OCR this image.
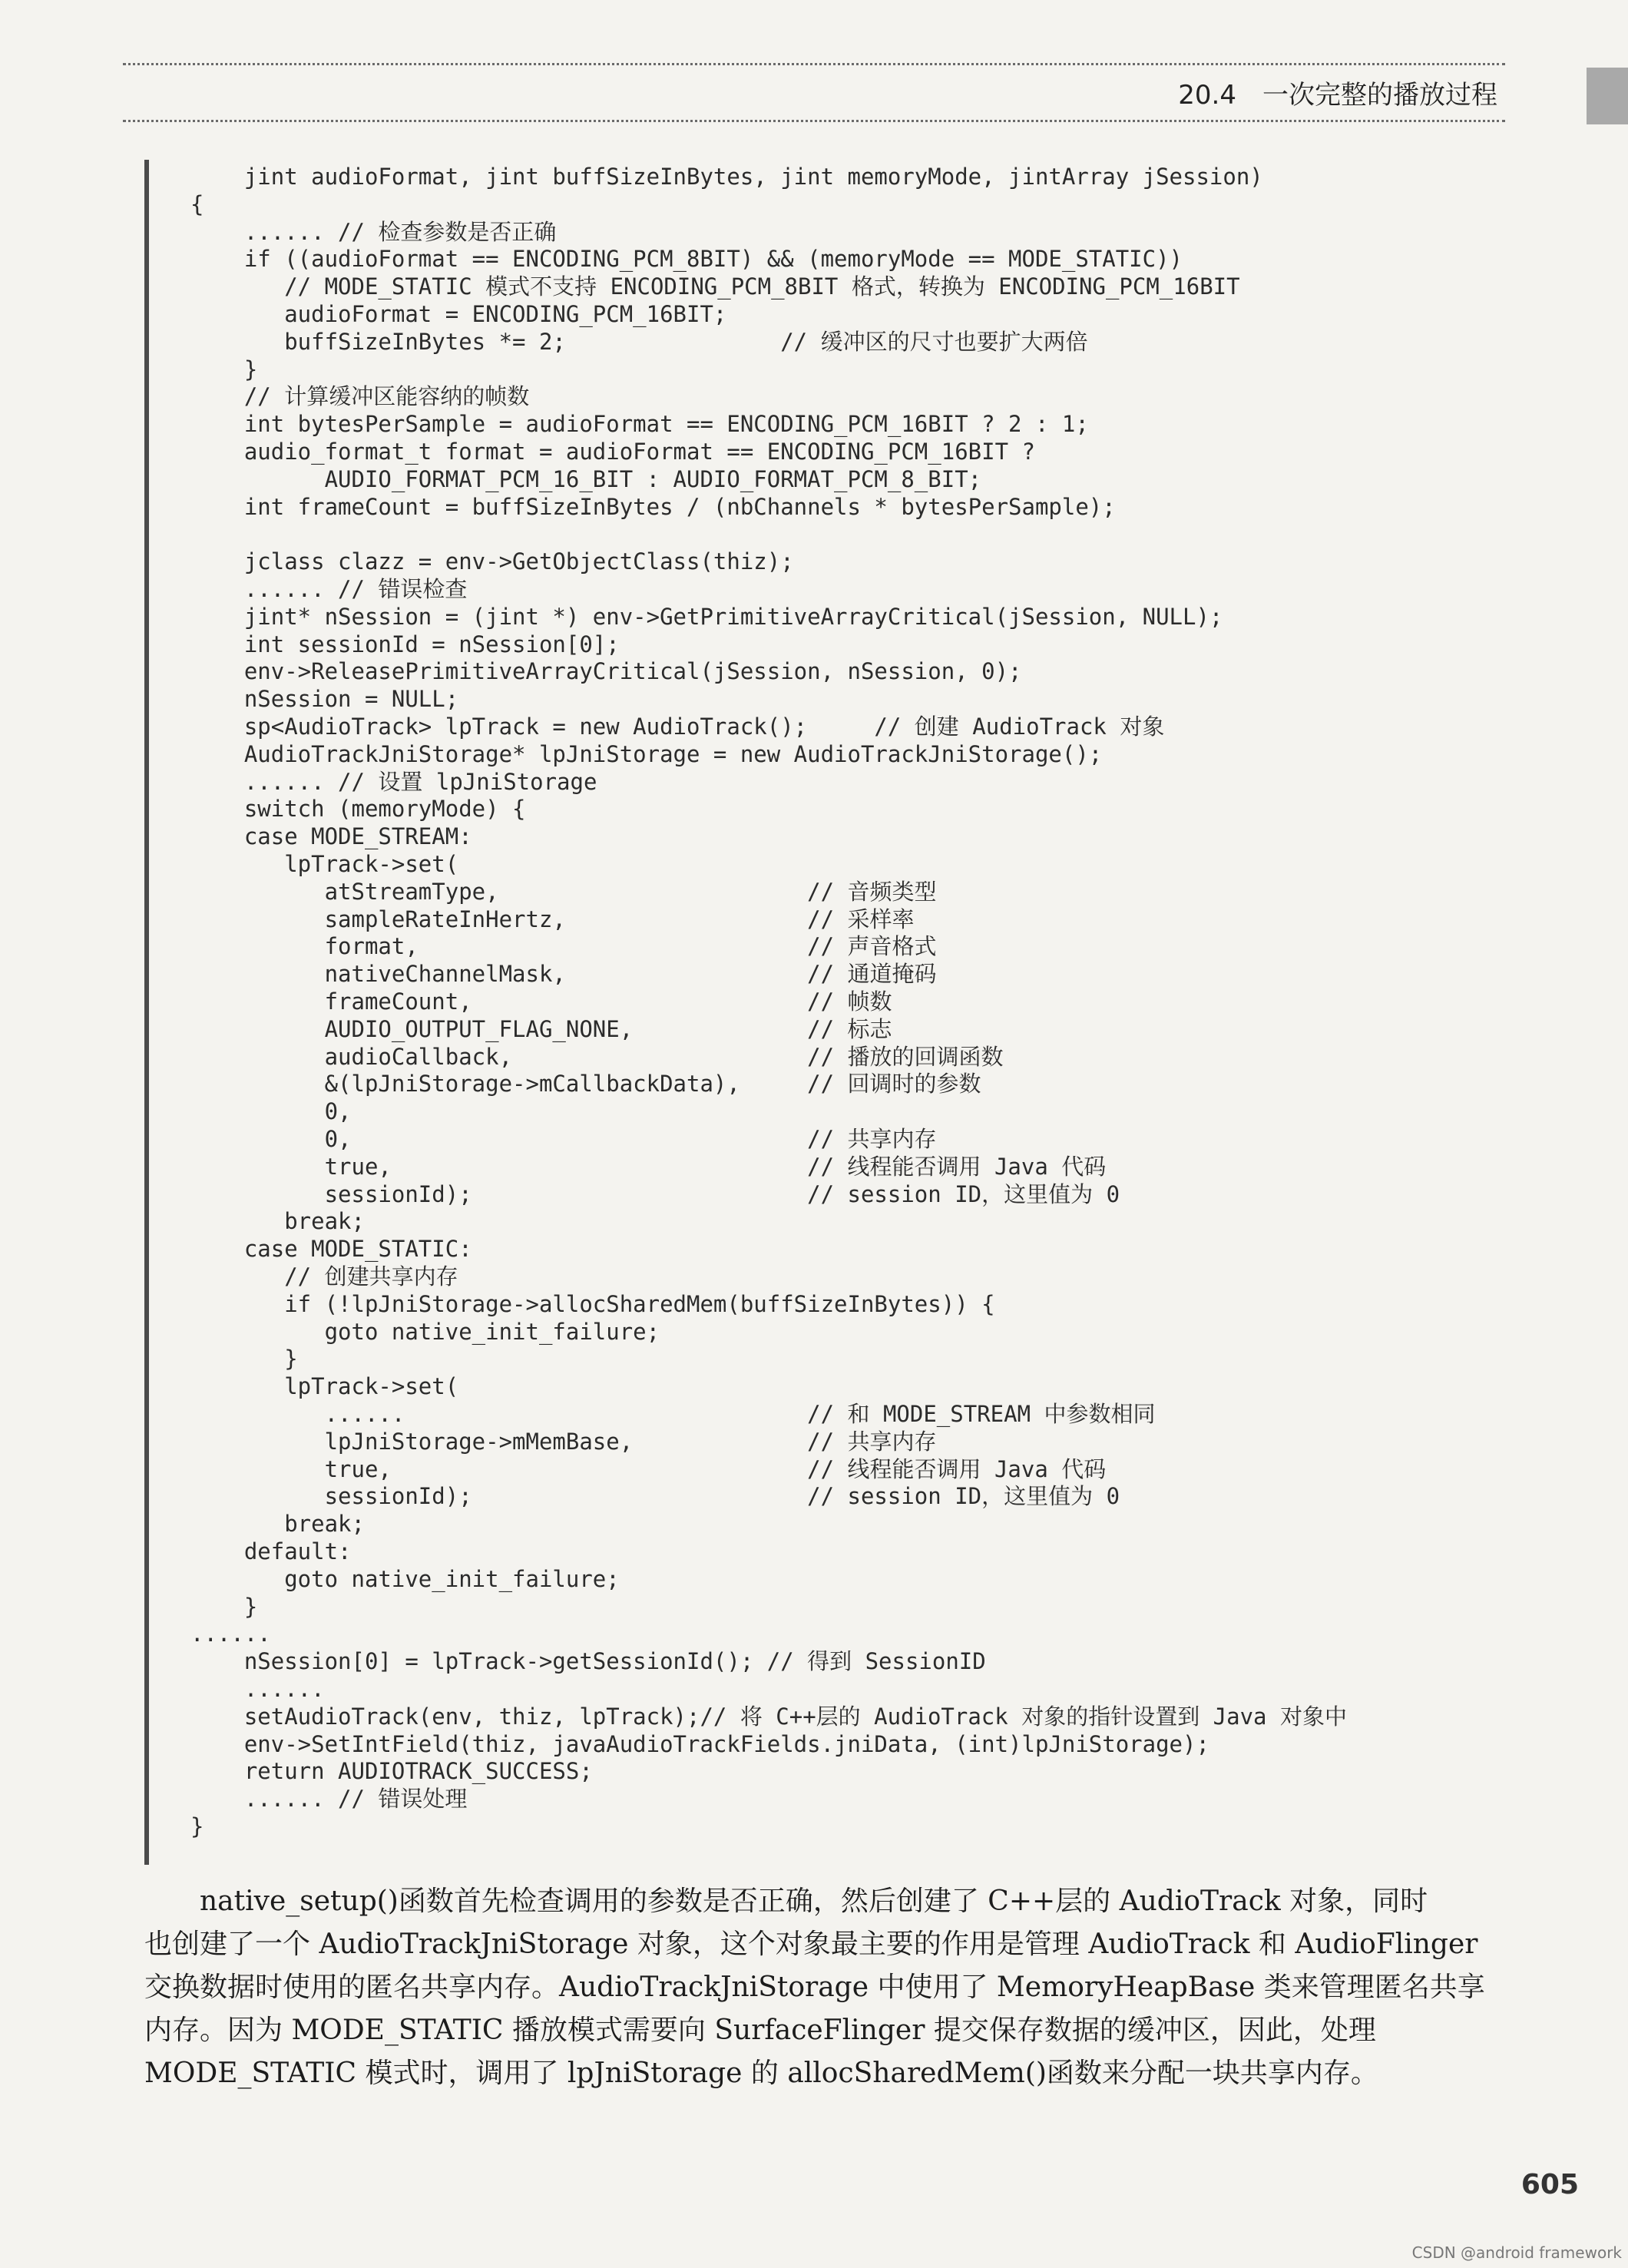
20.4　一次完整的播放过程
jint audioFormat, jint buffSizeInBytes, jint memoryMode, jintArray jSession)
{
...... // 检查参数是否正确
if ((audioFormat == ENCODING_PCM_8BIT) && (memoryMode == MODE_STATIC))
// MODE_STATIC 模式不支持 ENCODING_PCM_8BIT 格式，转换为 ENCODING_PCM_16BIT
audioFormat = ENCODING_PCM_16BIT;
buffSizeInBytes *= 2;                // 缓冲区的尺寸也要扩大两倍
}
// 计算缓冲区能容纳的帧数
int bytesPerSample = audioFormat == ENCODING_PCM_16BIT ? 2 : 1;
audio_format_t format = audioFormat == ENCODING_PCM_16BIT ?
AUDIO_FORMAT_PCM_16_BIT : AUDIO_FORMAT_PCM_8_BIT;
int frameCount = buffSizeInBytes / (nbChannels * bytesPerSample);
jclass clazz = env->GetObjectClass(thiz);
...... // 错误检查
jint* nSession = (jint *) env->GetPrimitiveArrayCritical(jSession, NULL);
int sessionId = nSession[0];
env->ReleasePrimitiveArrayCritical(jSession, nSession, 0);
nSession = NULL;
sp<AudioTrack> lpTrack = new AudioTrack();     // 创建 AudioTrack 对象
AudioTrackJniStorage* lpJniStorage = new AudioTrackJniStorage();
...... // 设置 lpJniStorage
switch (memoryMode) {
case MODE_STREAM:
lpTrack->set(
atStreamType,                       // 音频类型
sampleRateInHertz,                  // 采样率
format,                             // 声音格式
nativeChannelMask,                  // 通道掩码
frameCount,                         // 帧数
AUDIO_OUTPUT_FLAG_NONE,             // 标志
audioCallback,                      // 播放的回调函数
&(lpJniStorage->mCallbackData),     // 回调时的参数
0,
0,                                  // 共享内存
true,                               // 线程能否调用 Java 代码
sessionId);                         // session ID，这里值为 0
break;
case MODE_STATIC:
// 创建共享内存
if (!lpJniStorage->allocSharedMem(buffSizeInBytes)) {
goto native_init_failure;
}
lpTrack->set(
......                              // 和 MODE_STREAM 中参数相同
lpJniStorage->mMemBase,             // 共享内存
true,                               // 线程能否调用 Java 代码
sessionId);                         // session ID，这里值为 0
break;
default:
goto native_init_failure;
}
......
nSession[0] = lpTrack->getSessionId(); // 得到 SessionID
......
setAudioTrack(env, thiz, lpTrack);// 将 C++层的 AudioTrack 对象的指针设置到 Java 对象中
env->SetIntField(thiz, javaAudioTrackFields.jniData, (int)lpJniStorage);
return AUDIOTRACK_SUCCESS;
...... // 错误处理
}
　　native_setup()函数首先检查调用的参数是否正确，然后创建了 C++层的 AudioTrack 对象，同时
也创建了一个 AudioTrackJniStorage 对象，这个对象最主要的作用是管理 AudioTrack 和 AudioFlinger
交换数据时使用的匿名共享内存。AudioTrackJniStorage 中使用了 MemoryHeapBase 类来管理匿名共享
内存。因为 MODE_STATIC 播放模式需要向 SurfaceFlinger 提交保存数据的缓冲区，因此，处理
MODE_STATIC 模式时，调用了 lpJniStorage 的 allocSharedMem()函数来分配一块共享内存。
605
CSDN @android framework
